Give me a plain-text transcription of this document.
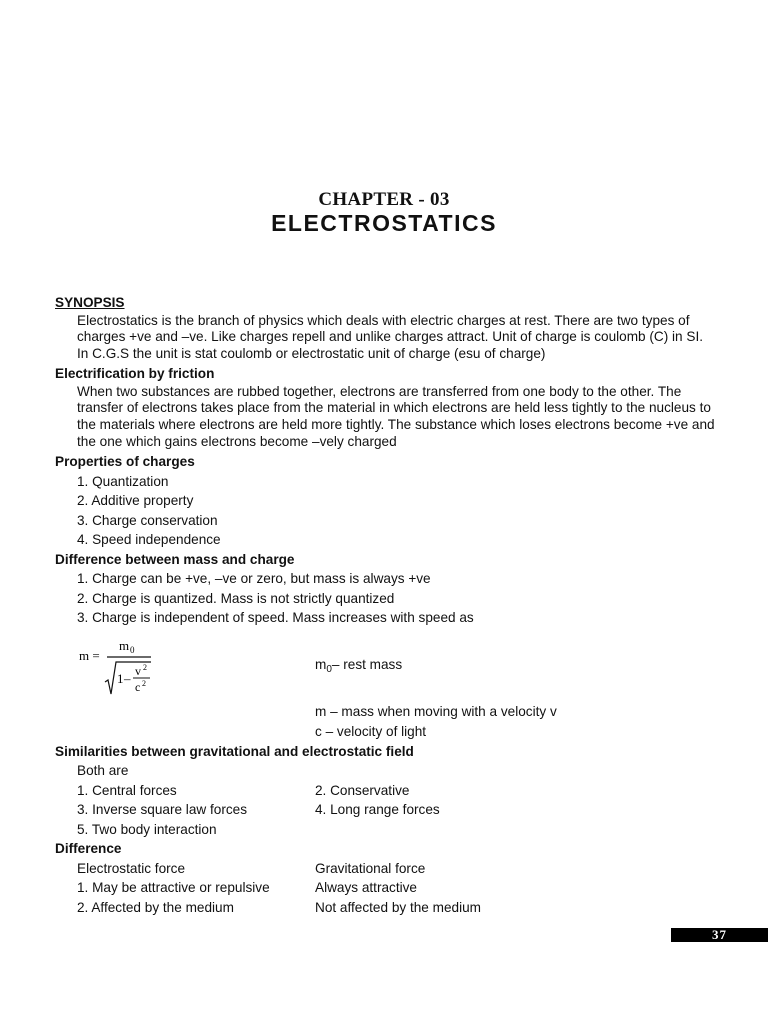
CHAPTER - 03
ELECTROSTATICS
SYNOPSIS
Electrostatics is the branch of physics which deals with electric charges at rest. There are two types of charges +ve and –ve. Like charges repell and unlike charges attract. Unit of charge is coulomb (C) in SI. In C.G.S the unit is stat coulomb or electrostatic unit of charge (esu of charge)
Electrification by friction
When two substances are rubbed together, electrons are transferred from one body to the other. The transfer of electrons takes place from the material in which electrons are held less tightly to the nucleus to the materials where electrons are held more tightly. The substance which loses electrons become +ve and the one which gains electrons become –vely charged
Properties of charges
1. Quantization
2. Additive property
3. Charge conservation
4. Speed independence
Difference between mass and charge
1. Charge can be +ve, –ve or zero, but mass is always +ve
2. Charge is quantized. Mass is not strictly quantized
3. Charge is independent of speed. Mass increases with speed as
m =
m 0
1 – v 2
c 2
$m_0-$ rest mass
m – mass when moving with a velocity v
c – velocity of light
Similarities between gravitational and electrostatic field
Both are
1. Central forces	2. Conservative
3. Inverse square law forces	4. Long range forces
5. Two body interaction
Difference
Electrostatic force	Gravitational force
1. May be attractive or repulsive	Always attractive
2. Affected by the medium	Not affected by the medium
37
